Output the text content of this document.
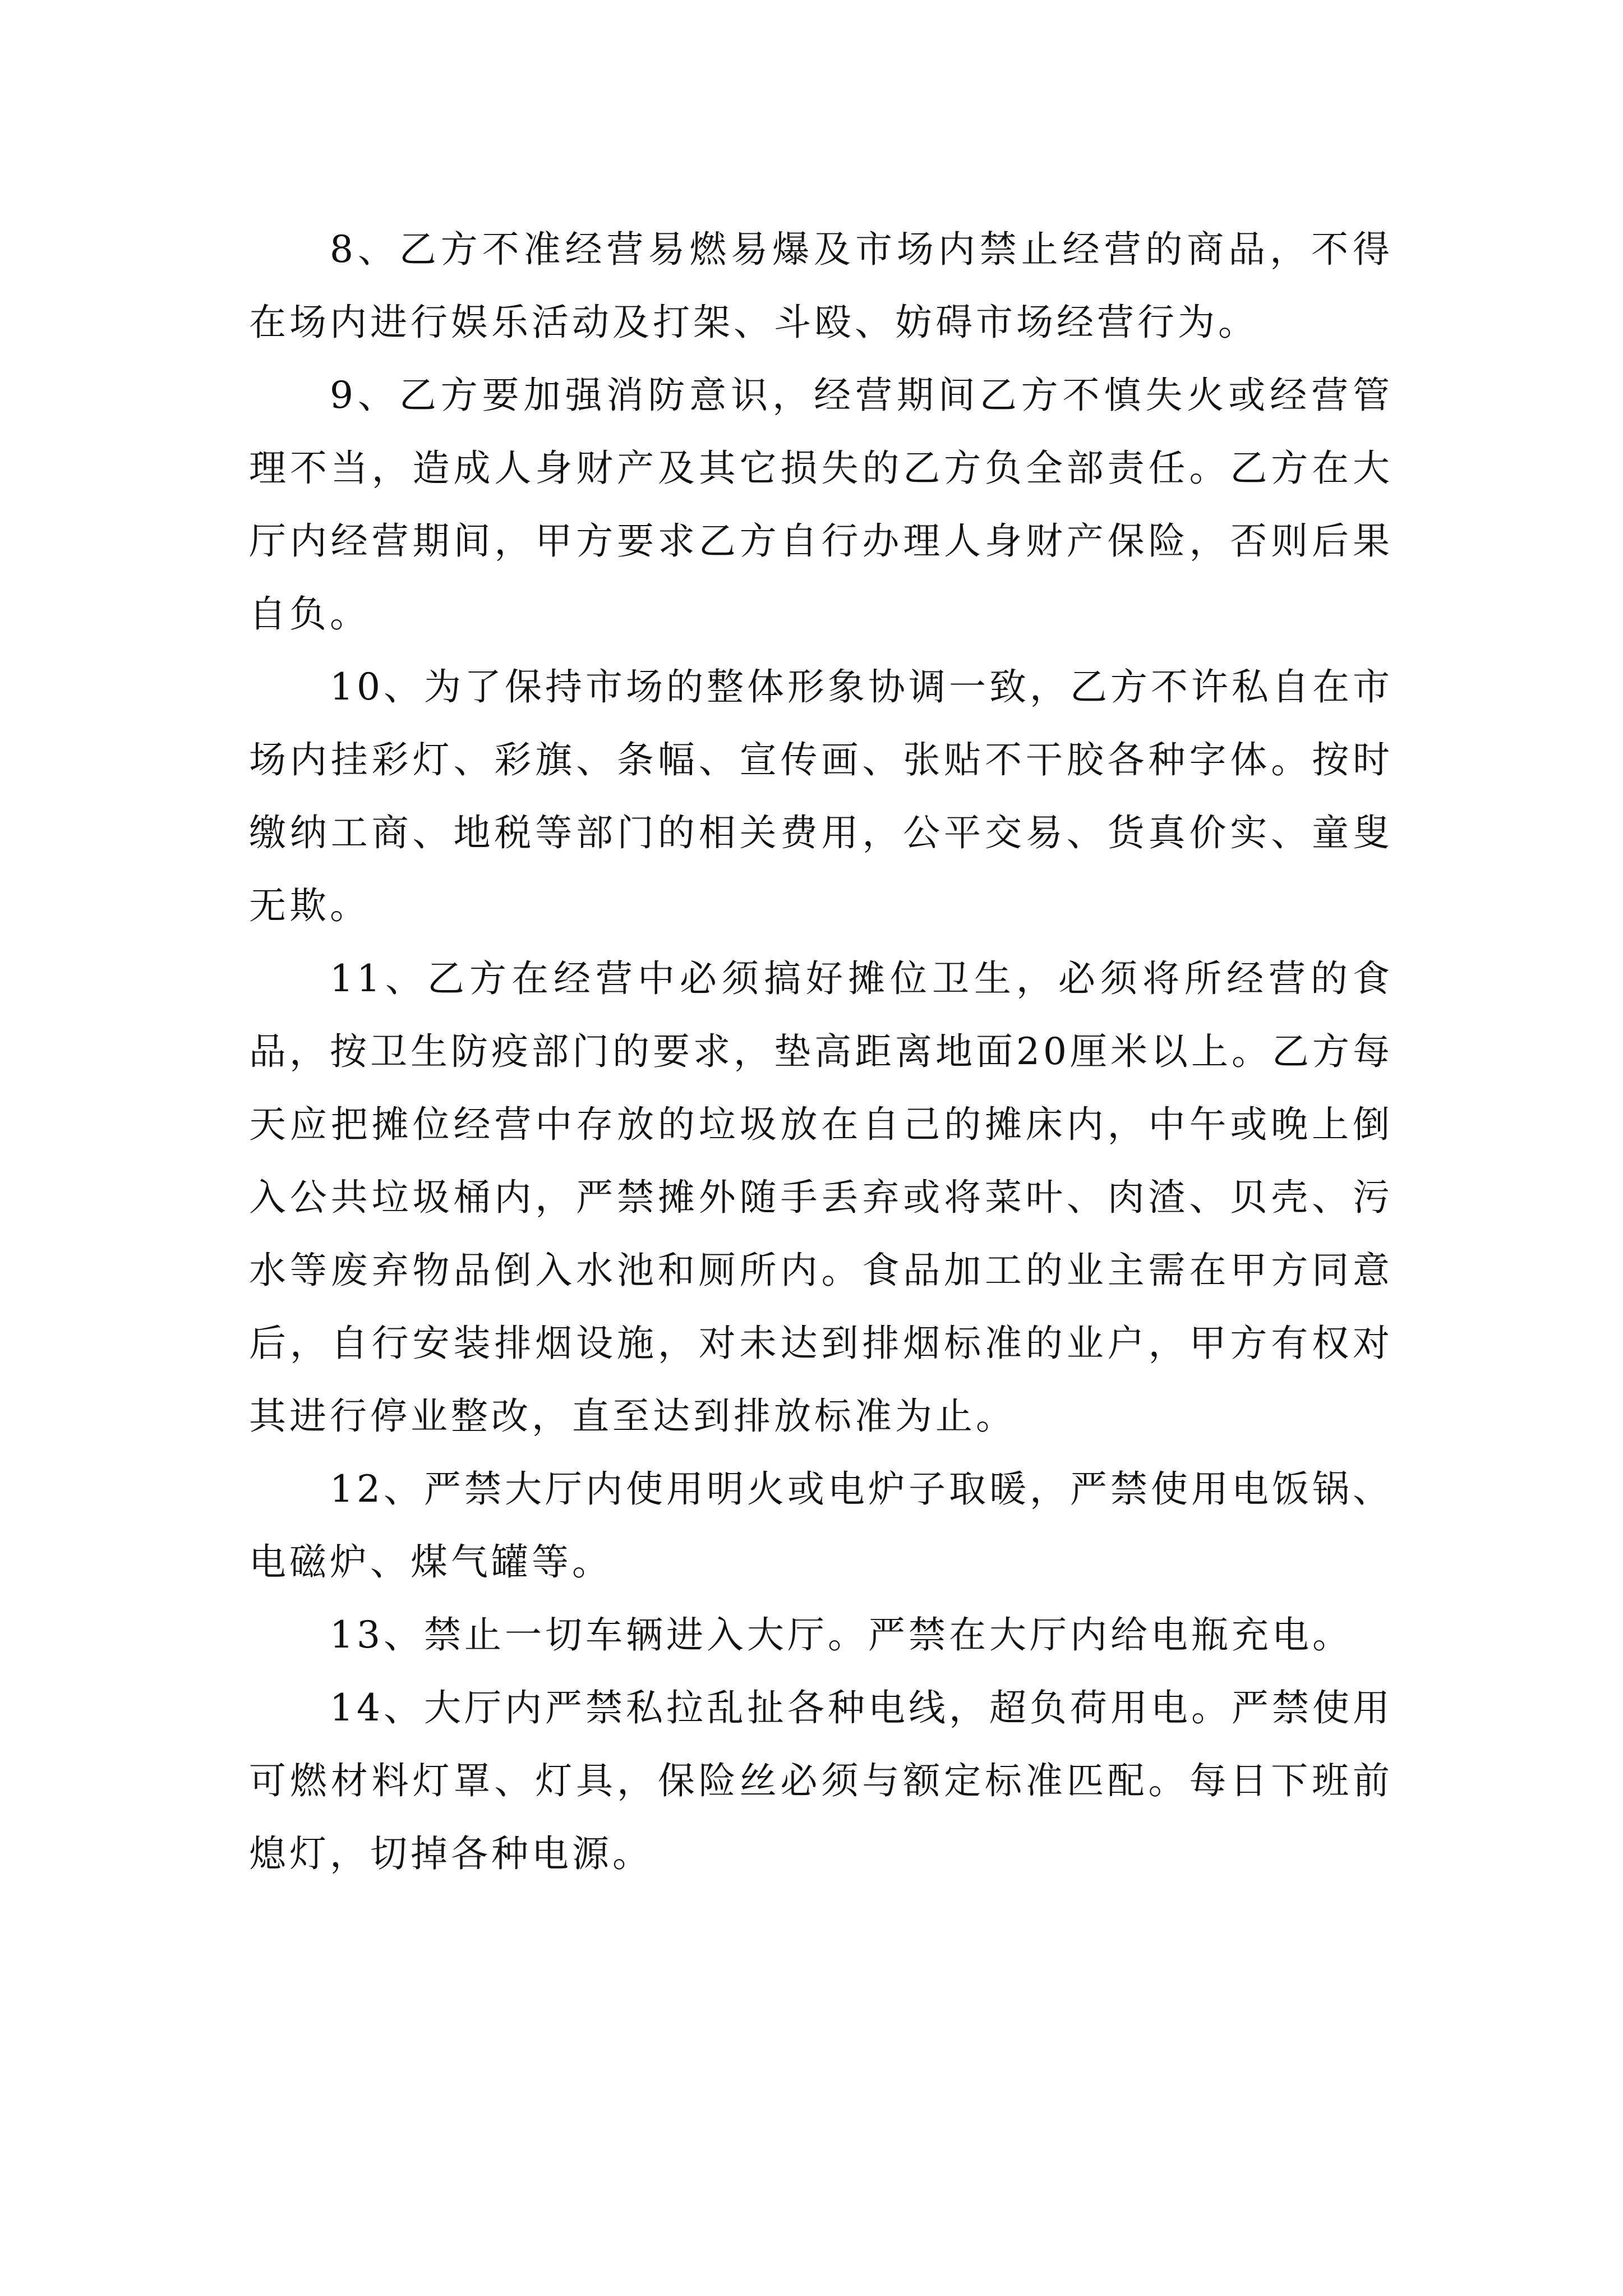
8、乙方不准经营易燃易爆及市场内禁止经营的商品，不得在场内进行娱乐活动及打架、斗殴、妨碍市场经营行为。

9、乙方要加强消防意识，经营期间乙方不慎失火或经营管理不当，造成人身财产及其它损失的乙方负全部责任。乙方在大厅内经营期间，甲方要求乙方自行办理人身财产保险，否则后果自负。

10、为了保持市场的整体形象协调一致，乙方不许私自在市场内挂彩灯、彩旗、条幅、宣传画、张贴不干胶各种字体。按时缴纳工商、地税等部门的相关费用，公平交易、货真价实、童叟无欺。

11、乙方在经营中必须搞好摊位卫生，必须将所经营的食品，按卫生防疫部门的要求，垫高距离地面20厘米以上。乙方每天应把摊位经营中存放的垃圾放在自己的摊床内，中午或晚上倒入公共垃圾桶内，严禁摊外随手丢弃或将菜叶、肉渣、贝壳、污水等废弃物品倒入水池和厕所内。食品加工的业主需在甲方同意后，自行安装排烟设施，对未达到排烟标准的业户，甲方有权对其进行停业整改，直至达到排放标准为止。

12、严禁大厅内使用明火或电炉子取暖，严禁使用电饭锅、电磁炉、煤气罐等。

13、禁止一切车辆进入大厅。严禁在大厅内给电瓶充电。

14、大厅内严禁私拉乱扯各种电线，超负荷用电。严禁使用可燃材料灯罩、灯具，保险丝必须与额定标准匹配。每日下班前熄灯，切掉各种电源。
